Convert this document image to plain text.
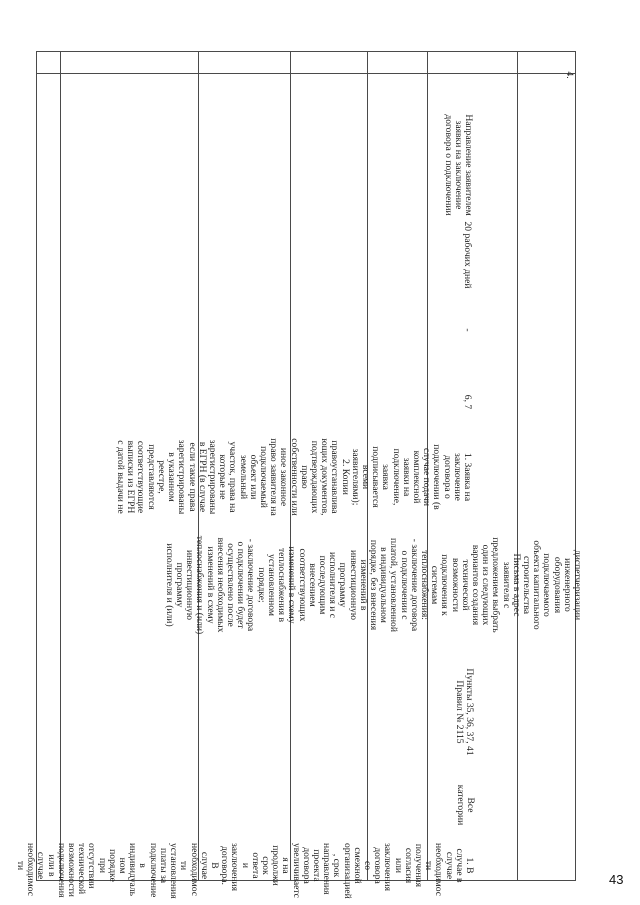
4.
Направление заявителем
заявки на заключение
договора о подключении
20 рабочих дней
-
6, 7
1. Заявка на
заключение
договора о
подключении (в
случае подачи
комплексной
заявки на
подключение,
заявка
подписывается
всеми
заявителями);
2. Копии
правоустанавлива
ющих документов,
подтверждающих
право
собственности или
иное законное
право заявителя на
подключаемый
объект или
земельный
участок, права на
которые не
зарегистрированы
в ЕГРН (в случае
если такие права
зарегистрированы
в указанном
реестре,
представляются
соответствующие
выписки из ЕГРН
с датой выдачи не
диспетчеризации
инженерного
оборудования
подключаемого
объекта капитального
строительства
Письма в адрес
заявителя с
предложением выбрать
один из следующих
вариантов создания
технической
возможности
подключения к
системам
теплоснабжения:
- заключение договора
о подключении с
платой, установленной
в индивидуальном
порядке, без внесения
изменений в
инвестиционную
программу
исполнителя и с
последующим
внесением
соответствующих
изменений в схему
теплоснабжения в
установленном
порядке;
- заключение договора
о подключении будет
осуществлено после
внесения необходимых
изменений в схему
теплоснабжения и (или) инвестиционную
программу
исполнителя и (или)
Пункты 35, 36, 37, 41
Правил № 2115
Все
категории
1. В случае в
случае
необходимос
ти получения
согласия или
заключения
договора со
смежной
организацией
, срок
направления
проекта
договора
увеличиваетс
я на продолжи
срок ответа
и заключения
договора. В
случае
необходимос
ти
установления
платы за
подключение
в
индивидуаль
ном порядке
при
отсутствии
технической
возможности
подключения
или в случае
необходимос
ти
43
